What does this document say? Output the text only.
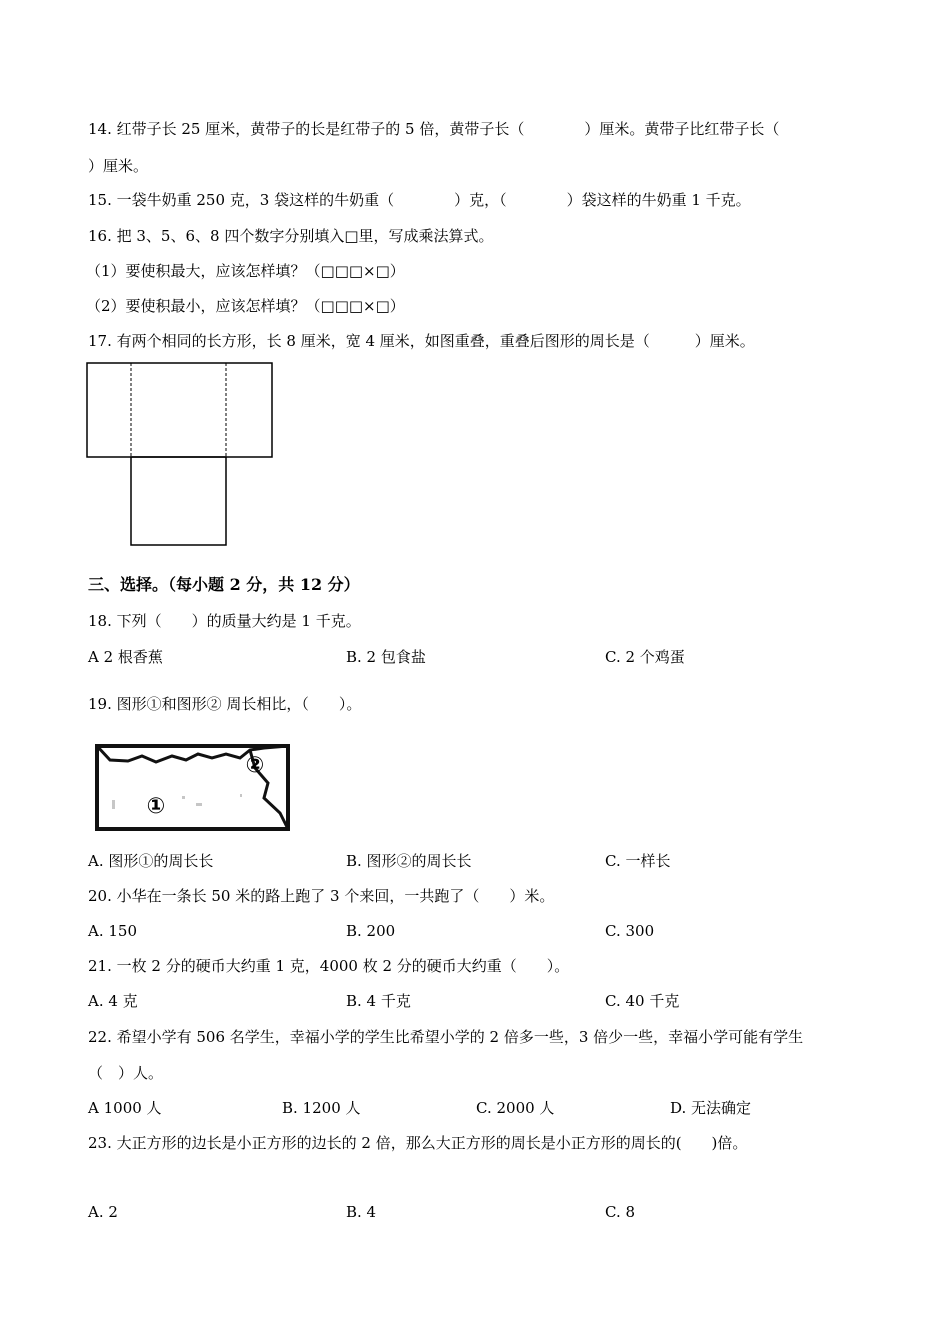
14. 红带子长 25 厘米，黄带子的长是红带子的 5 倍，黄带子长（　　　　）厘米。黄带子比红带子长（
）厘米。
15. 一袋牛奶重 250 克，3 袋这样的牛奶重（　　　　）克，（　　　　）袋这样的牛奶重 1 千克。
16. 把 3、5、6、8 四个数字分别填入□里，写成乘法算式。
（1）要使积最大，应该怎样填？（□□□×□）
（2）要使积最小，应该怎样填？（□□□×□）
17. 有两个相同的长方形，长 8 厘米，宽 4 厘米，如图重叠，重叠后图形的周长是（　　　）厘米。
三、选择。（每小题 2 分，共 12 分）
18. 下列（　　）的质量大约是 1 千克。
A 2 根香蕉	B. 2 包食盐	C. 2 个鸡蛋
19. 图形①和图形② 周长相比，（　　）。
①
②
A. 图形①的周长长	B. 图形②的周长长	C. 一样长
20. 小华在一条长 50 米的路上跑了 3 个来回，一共跑了（　　）米。
A. 150	B. 200	C. 300
21. 一枚 2 分的硬币大约重 1 克，4000 枚 2 分的硬币大约重（　　）。
A. 4 克	B. 4 千克	C. 40 千克
22. 希望小学有 506 名学生，幸福小学的学生比希望小学的 2 倍多一些，3 倍少一些，幸福小学可能有学生
（　）人。
A 1000 人	B. 1200 人	C. 2000 人	D. 无法确定
23. 大正方形的边长是小正方形的边长的 2 倍，那么大正方形的周长是小正方形的周长的(　　)倍。
A. 2	B. 4	C. 8
